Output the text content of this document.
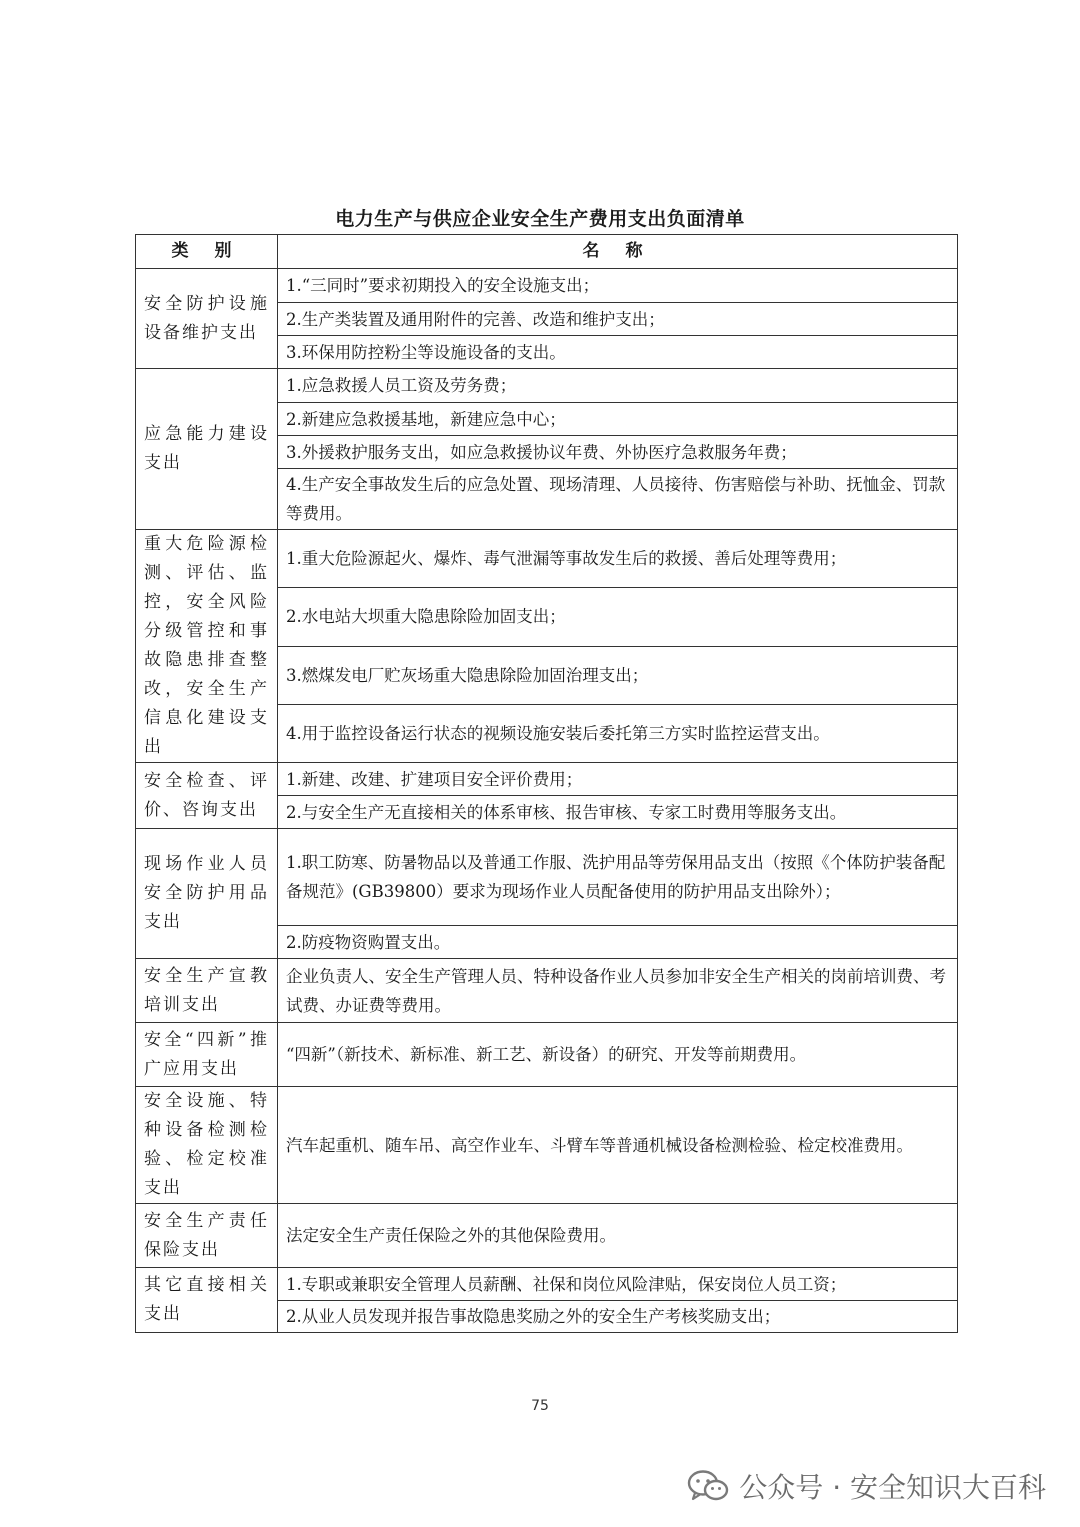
电力生产与供应企业安全生产费用支出负面清单
类 别	名 称
安全防护设施设备维护支出	1.“三同时”要求初期投入的安全设施支出；
	2.生产类装置及通用附件的完善、改造和维护支出；
	3.环保用防控粉尘等设施设备的支出。
应急能力建设支出	1.应急救援人员工资及劳务费；
	2.新建应急救援基地，新建应急中心；
	3.外援救护服务支出，如应急救援协议年费、外协医疗急救服务年费；
	4.生产安全事故发生后的应急处置、现场清理、人员接待、伤害赔偿与补助、抚恤金、罚款等费用。
重大危险源检测、评估、监控，安全风险分级管控和事故隐患排查整改，安全生产信息化建设支出	1.重大危险源起火、爆炸、毒气泄漏等事故发生后的救援、善后处理等费用；
	2.水电站大坝重大隐患除险加固支出；
	3.燃煤发电厂贮灰场重大隐患除险加固治理支出；
	4.用于监控设备运行状态的视频设施安装后委托第三方实时监控运营支出。
安全检查、评价、咨询支出	1.新建、改建、扩建项目安全评价费用；
	2.与安全生产无直接相关的体系审核、报告审核、专家工时费用等服务支出。
现场作业人员安全防护用品支出	1.职工防寒、防暑物品以及普通工作服、洗护用品等劳保用品支出（按照《个体防护装备配备规范》(GB39800）要求为现场作业人员配备使用的防护用品支出除外）；
	2.防疫物资购置支出。
安全生产宣教培训支出	企业负责人、安全生产管理人员、特种设备作业人员参加非安全生产相关的岗前培训费、考试费、办证费等费用。
安全“四新”推广应用支出	“四新”（新技术、新标准、新工艺、新设备）的研究、开发等前期费用。
安全设施、特种设备检测检验、检定校准支出	汽车起重机、随车吊、高空作业车、斗臂车等普通机械设备检测检验、检定校准费用。
安全生产责任保险支出	法定安全生产责任保险之外的其他保险费用。
其它直接相关支出	1.专职或兼职安全管理人员薪酬、社保和岗位风险津贴，保安岗位人员工资；
	2.从业人员发现并报告事故隐患奖励之外的安全生产考核奖励支出；
75
公众号 · 安全知识大百科
